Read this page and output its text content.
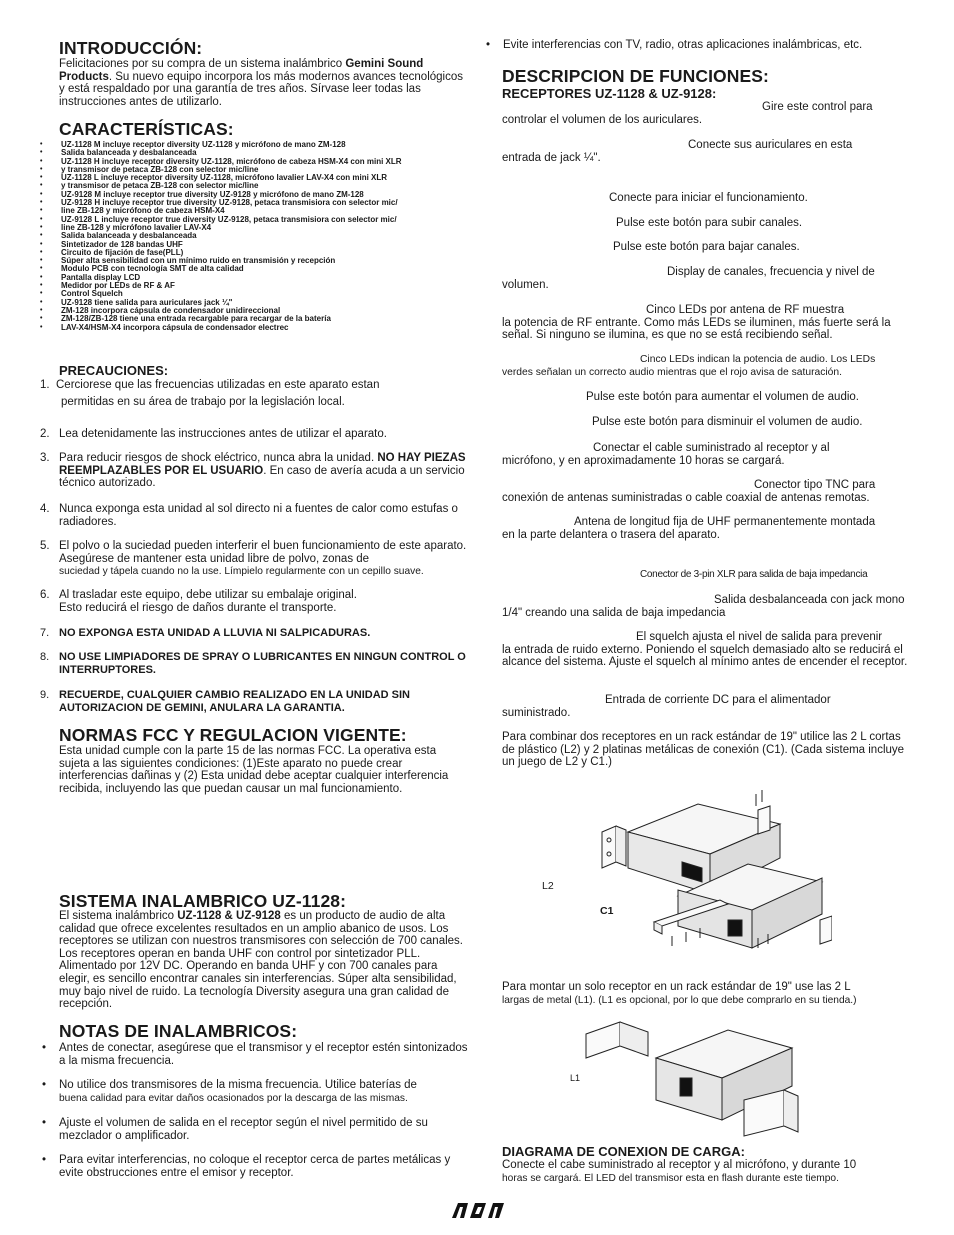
INTRODUCCIÓN:

Felicitaciones por su compra de un sistema inalámbrico Gemini Sound Products. Su nuevo equipo incorpora los más modernos avances tecnológicos y está respaldado por una garantía de tres años. Sírvase leer todas las instrucciones antes de utilizarlo.

CARACTERÍSTICAS:
• UZ-1128 M incluye receptor diversity UZ-1128 y micrófono de mano ZM-128
• Salida balanceada y desbalanceada
• UZ-1128 H incluye receptor diversity UZ-1128, micrófono de cabeza HSM-X4 con mini XLR
• y transmisor de petaca ZB-128 con selector mic/line
• UZ-1128 L incluye receptor diversity UZ-1128, micrófono lavalier LAV-X4 con mini XLR
• y transmisor de petaca ZB-128 con selector mic/line
• UZ-9128 M incluye receptor true diversity UZ-9128 y micrófono de mano ZM-128
• UZ-9128 H incluye receptor true diversity UZ-9128, petaca transmisiora con selector mic/
• line ZB-128 y micrófono de cabeza HSM-X4
• UZ-9128 L incluye receptor true diversity UZ-9128, petaca transmisiora con selector mic/
• line ZB-128 y micrófono lavalier LAV-X4
• Salida balanceada y desbalanceada
• Sintetizador de 128 bandas UHF
• Circuito de fijación de fase(PLL)
• Súper alta sensibilidad con un mínimo ruido en transmisión y recepción
• Modulo PCB con tecnología SMT de alta calidad
• Pantalla display LCD
• Medidor por LEDs de RF & AF
• Control Squelch
• UZ-9128 tiene salida para auriculares jack ¼"
• ZM-128 incorpora cápsula de condensador unidireccional
• ZM-128/ZB-128 tiene una entrada recargable para recargar de la batería
• LAV-X4/HSM-X4 incorpora cápsula de condensador electrec
PRECAUCIONES:
1. Cerciorese que las frecuencias utilizadas en este aparato estan
permitidas en su área de trabajo por la legislación local.
2. Lea detenidamente las instrucciones antes de utilizar el aparato.
3. Para reducir riesgos de shock eléctrico, nunca abra la unidad. NO HAY PIEZAS REEMPLAZABLES POR EL USUARIO. En caso de avería acuda a un servicio técnico autorizado.
4. Nunca exponga esta unidad al sol directo ni a fuentes de calor como estufas o radiadores.
5. El polvo o la suciedad pueden interferir el buen funcionamiento de este aparato. Asegúrese de mantener esta unidad libre de polvo, zonas de
suciedad y tápela cuando no la use. Límpielo regularmente con un cepillo suave.
6. Al trasladar este equipo, debe utilizar su embalaje original.
Esto reducirá el riesgo de daños durante el transporte.
7. NO EXPONGA ESTA UNIDAD A LLUVIA NI SALPICADURAS.
8. NO USE LIMPIADORES DE SPRAY O LUBRICANTES EN NINGUN CONTROL O INTERRUPTORES.
9. RECUERDE, CUALQUIER CAMBIO REALIZADO EN LA UNIDAD SIN AUTORIZACION DE GEMINI, ANULARA LA GARANTIA.
NORMAS FCC Y REGULACION VIGENTE:

Esta unidad cumple con la parte 15 de las normas FCC. La operativa esta sujeta a las siguientes condiciones: (1)Este aparato no puede crear interferencias dañinas y (2) Esta unidad debe aceptar cualquier interferencia recibida, incluyendo las que puedan causar un mal funcionamiento.

SISTEMA INALAMBRICO UZ-1128:

El sistema inalámbrico UZ-1128 & UZ-9128 es un producto de audio de alta calidad que ofrece excelentes resultados en un amplio abanico de usos. Los receptores se utilizan con nuestros transmisores con selección de 700 canales. Los receptores operan en banda UHF con control por sintetizador PLL. Alimentado por 12V DC. Operando en banda UHF y con 700 canales para elegir, es sencillo encontrar canales sin interferencias. Súper alta sensibilidad, muy bajo nivel de ruido. La tecnología Diversity asegura una gran calidad de recepción.

NOTAS DE INALAMBRICOS:
• Antes de conectar, asegúrese que el transmisor y el receptor estén sintonizados a la misma frecuencia.
• No utilice dos transmisores de la misma frecuencia. Utilice baterías de
buena calidad para evitar daños ocasionados por la descarga de las mismas.
• Ajuste el volumen de salida en el receptor según el nivel permitido de su mezclador o amplificador.
• Para evitar interferencias, no coloque el receptor cerca de partes metálicas y evite obstrucciones entre el emisor y receptor.
• Evite interferencias con TV, radio, otras aplicaciones inalámbricas, etc.
DESCRIPCION DE FUNCIONES:
RECEPTORES UZ-1128 & UZ-9128:
Gire este control para
controlar el volumen de los auriculares.
Conecte sus auriculares en esta
entrada de jack ¼".
Conecte para iniciar el funcionamiento.
Pulse este botón para subir canales.
Pulse este botón para bajar canales.
Display de canales, frecuencia y nivel de
volumen.
Cinco LEDs por antena de RF muestra
la potencia de RF entrante. Como más LEDs se iluminen, más fuerte será la señal. Si ninguno se ilumina, es que no se está recibiendo señal.
Cinco LEDs indican la potencia de audio. Los LEDs
verdes señalan un correcto audio mientras que el rojo avisa de saturación.
Pulse este botón para aumentar el volumen de audio.
Pulse este botón para disminuir el volumen de audio.
Conectar el cable suministrado al receptor y al
micrófono, y en aproximadamente 10 horas se cargará.
Conector tipo TNC para
conexión de antenas suministradas o cable coaxial de antenas remotas.
Antena de longitud fija de UHF permanentemente montada
en la parte delantera o trasera del aparato.
Conector de 3-pin XLR para salida de baja impedancia
Salida desbalanceada con jack mono
1/4" creando una salida de baja impedancia
El squelch ajusta el nivel de salida para prevenir
la entrada de ruido externo. Poniendo el squelch demasiado alto se reducirá el alcance del sistema. Ajuste el squelch al mínimo antes de encender el receptor.
Entrada de corriente DC para el alimentador
suministrado.

Para combinar dos receptores en un rack estándar de 19" utilice las 2 L cortas de plástico (L2) y 2 platinas metálicas de conexión (C1). (Cada sistema incluye un juego de L2 y C1.)

L2
C1

Para montar un solo receptor en un rack estándar de 19" use las 2 L
largas de metal (L1). (L1 es opcional, por lo que debe comprarlo en su tienda.)

L1
DIAGRAMA DE CONEXION DE CARGA:

Conecte el cabe suministrado al receptor y al micrófono, y durante 10
horas se cargará. El LED del transmisor esta en flash durante este tiempo.
